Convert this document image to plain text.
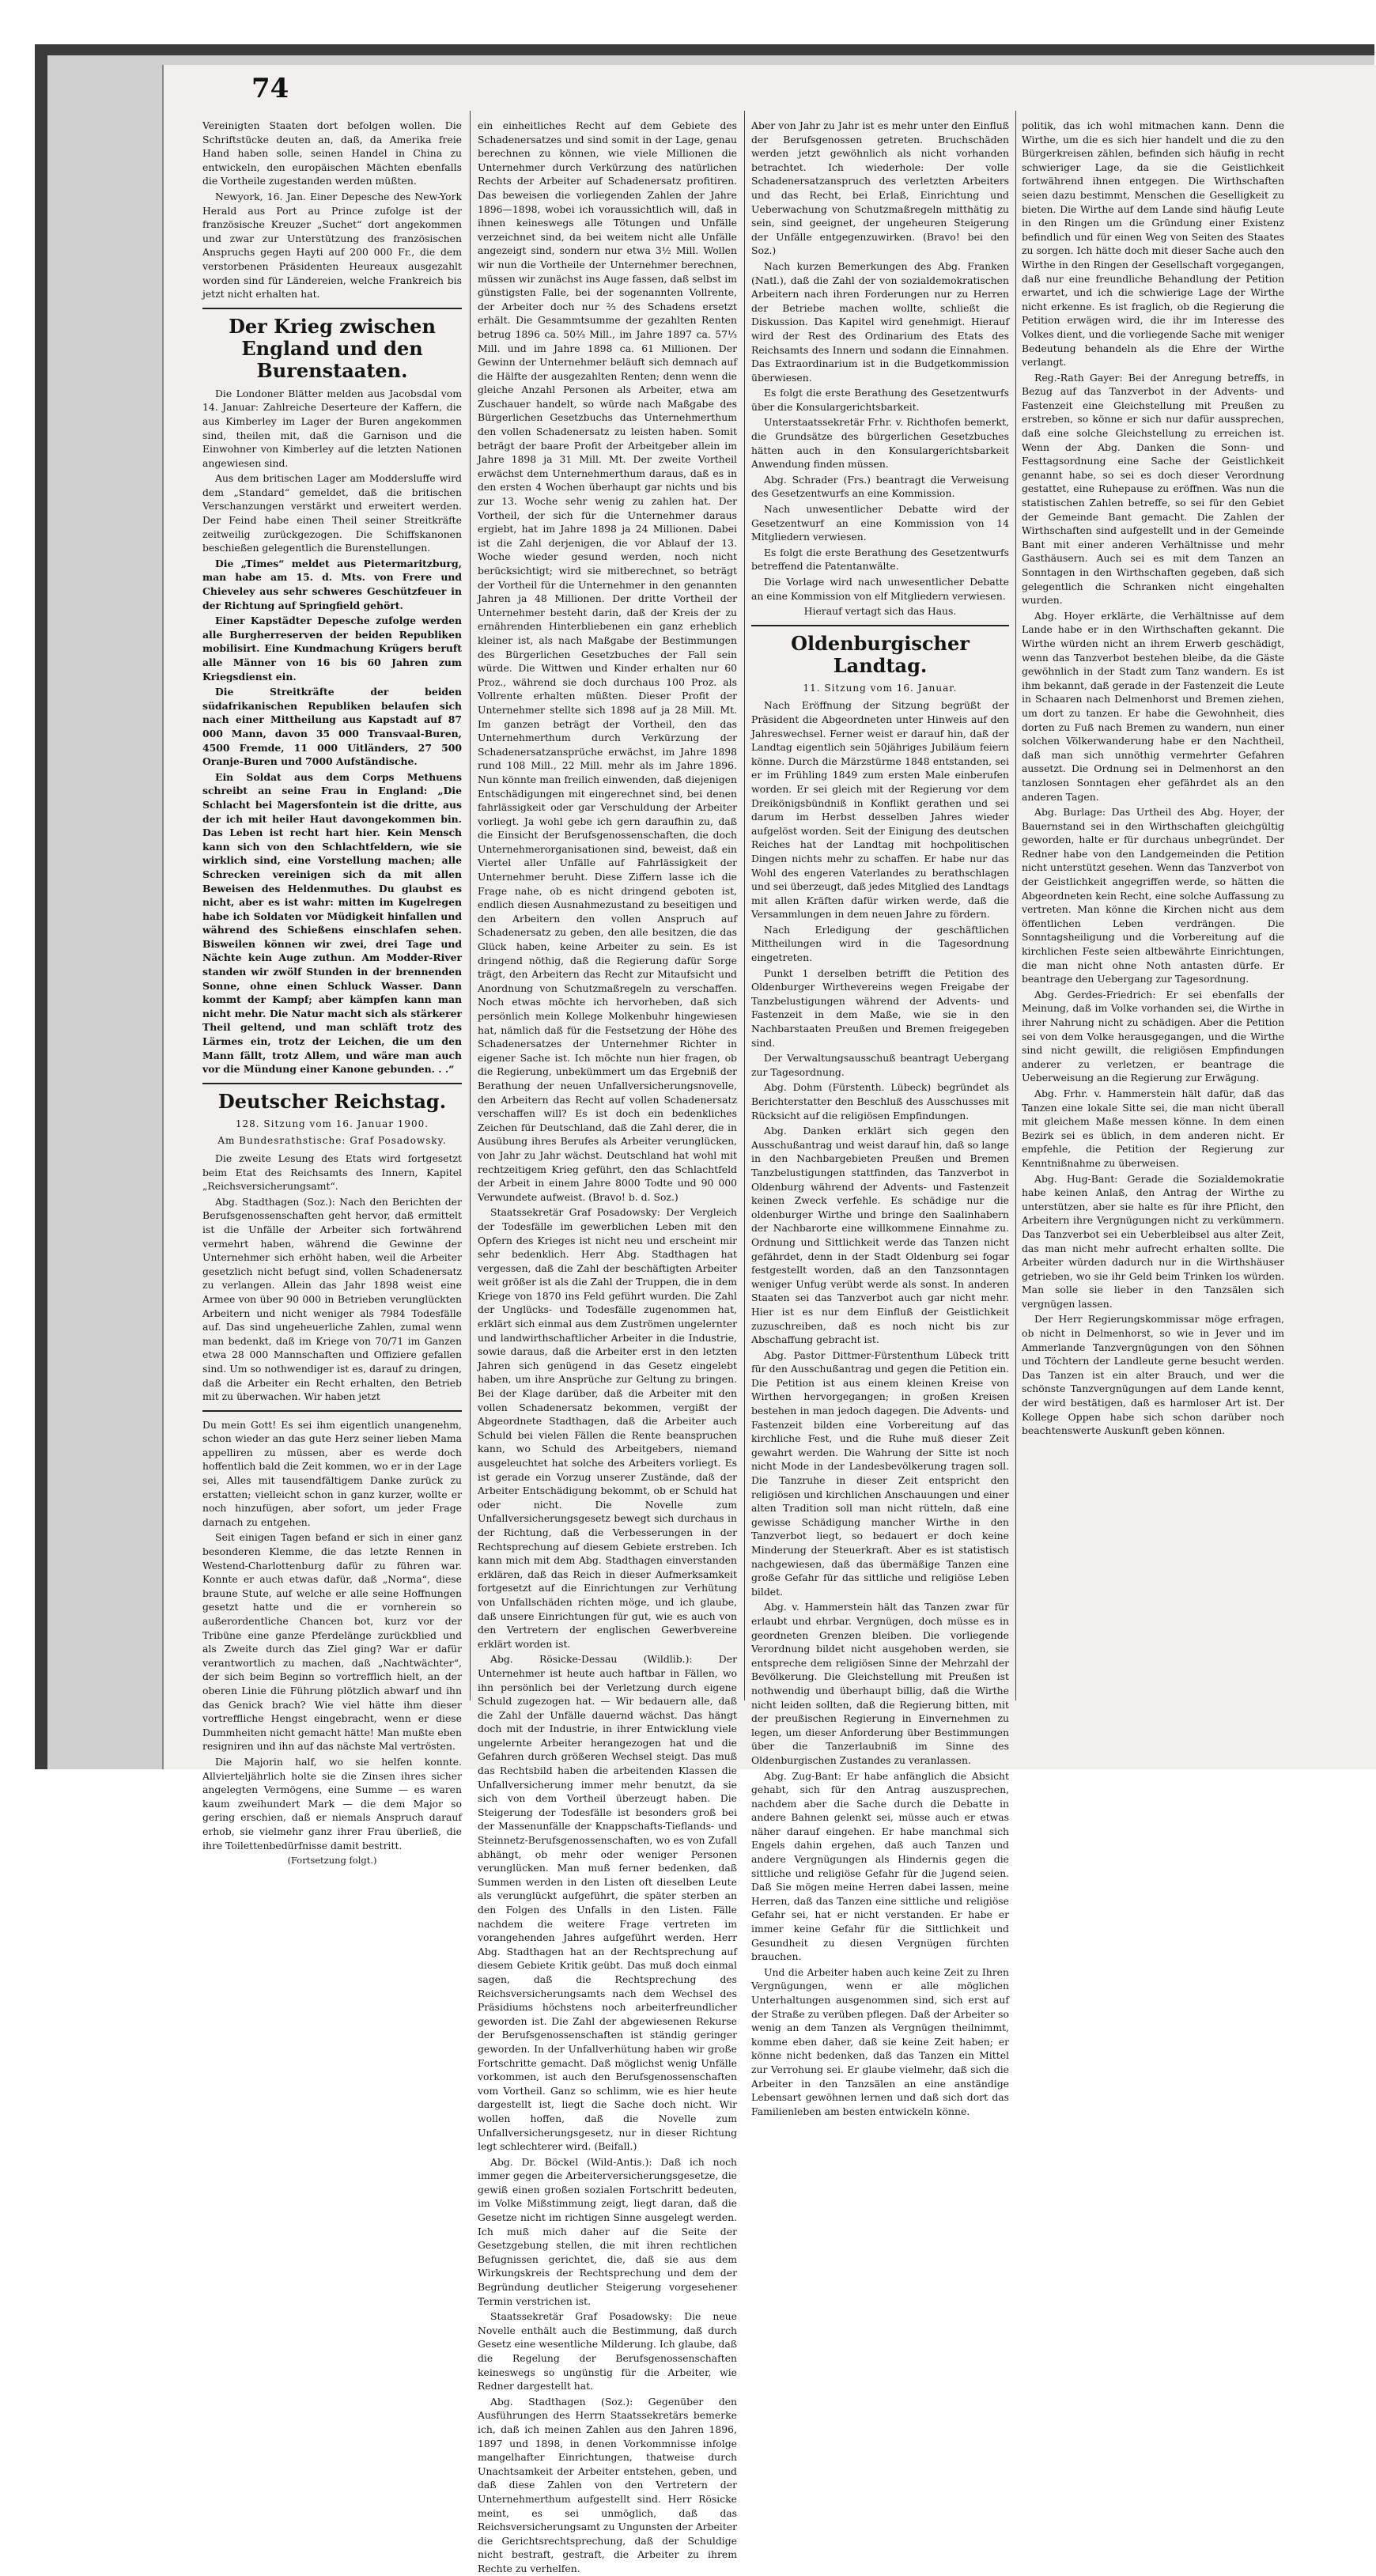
74

Vereinigten Staaten dort befolgen wollen. Die Schriftstücke deuten an, daß, da Amerika freie Hand haben solle, seinen Handel in China zu entwickeln, den europäischen Mächten ebenfalls die Vortheile zugestanden werden müßten.

Newyork, 16. Jan. Einer Depesche des New-York Herald aus Port au Prince zufolge ist der französische Kreuzer „Suchet“ dort angekommen und zwar zur Unterstützung des französischen Anspruchs gegen Hayti auf 200 000 Fr., die dem verstorbenen Präsidenten Heureaux ausgezahlt worden sind für Ländereien, welche Frankreich bis jetzt nicht erhalten hat.

Der Krieg zwischen England und den Burenstaaten.

Die Londoner Blätter melden aus Jacobsdal vom 14. Januar: Zahlreiche Deserteure der Kaffern, die aus Kimberley im Lager der Buren angekommen sind, theilen mit, daß die Garnison und die Einwohner von Kimberley auf die letzten Nationen angewiesen sind.

Aus dem britischen Lager am Moddersluffe wird dem „Standard“ gemeldet, daß die britischen Verschanzungen verstärkt und erweitert werden. Der Feind habe einen Theil seiner Streitkräfte zeitweilig zurückgezogen. Die Schiffskanonen beschießen gelegentlich die Burenstellungen.

Die „Times“ meldet aus Pietermaritzburg, man habe am 15. d. Mts. von Frere und Chieveley aus sehr schweres Geschützfeuer in der Richtung auf Springfield gehört.

Einer Kapstädter Depesche zufolge werden alle Burgherreserven der beiden Republiken mobilisirt. Eine Kundmachung Krügers beruft alle Männer von 16 bis 60 Jahren zum Kriegsdienst ein.

Die Streitkräfte der beiden südafrikanischen Republiken belaufen sich nach einer Mittheilung aus Kapstadt auf 87 000 Mann, davon 35 000 Transvaal-Buren, 4500 Fremde, 11 000 Uitländers, 27 500 Oranje-Buren und 7000 Aufständische.

Ein Soldat aus dem Corps Methuens schreibt an seine Frau in England: „Die Schlacht bei Magersfontein ist die dritte, aus der ich mit heiler Haut davongekommen bin. Das Leben ist recht hart hier. Kein Mensch kann sich von den Schlachtfeldern, wie sie wirklich sind, eine Vorstellung machen; alle Schrecken vereinigen sich da mit allen Beweisen des Heldenmuthes. Du glaubst es nicht, aber es ist wahr: mitten im Kugelregen habe ich Soldaten vor Müdigkeit hinfallen und während des Schießens einschlafen sehen. Bisweilen können wir zwei, drei Tage und Nächte kein Auge zuthun. Am Modder-River standen wir zwölf Stunden in der brennenden Sonne, ohne einen Schluck Wasser. Dann kommt der Kampf; aber kämpfen kann man nicht mehr. Die Natur macht sich als stärkerer Theil geltend, und man schläft trotz des Lärmes ein, trotz der Leichen, die um den Mann fällt, trotz Allem, und wäre man auch vor die Mündung einer Kanone gebunden. . .“

Deutscher Reichstag.
128. Sitzung vom 16. Januar 1900.
Am Bundesrathstische: Graf Posadowsky.

Die zweite Lesung des Etats wird fortgesetzt beim Etat des Reichsamts des Innern, Kapitel „Reichsversicherungsamt“.

Abg. Stadthagen (Soz.): Nach den Berichten der Berufsgenossenschaften geht hervor, daß ermittelt ist die Unfälle der Arbeiter sich fortwährend vermehrt haben, während die Gewinne der Unternehmer sich erhöht haben, weil die Arbeiter gesetzlich nicht befugt sind, vollen Schadenersatz zu verlangen. Allein das Jahr 1898 weist eine Armee von über 90 000 in Betrieben verunglückten Arbeitern und nicht weniger als 7984 Todesfälle auf. Das sind ungeheuerliche Zahlen, zumal wenn man bedenkt, daß im Kriege von 70/71 im Ganzen etwa 28 000 Mannschaften und Offiziere gefallen sind. Um so nothwendiger ist es, darauf zu dringen, daß die Arbeiter ein Recht erhalten, den Betrieb mit zu überwachen. Wir haben jetzt

Du mein Gott! Es sei ihm eigentlich unangenehm, schon wieder an das gute Herz seiner lieben Mama appelliren zu müssen, aber es werde doch hoffentlich bald die Zeit kommen, wo er in der Lage sei, Alles mit tausendfältigem Danke zurück zu erstatten; vielleicht schon in ganz kurzer, wollte er noch hinzufügen, aber sofort, um jeder Frage darnach zu entgehen.

Seit einigen Tagen befand er sich in einer ganz besonderen Klemme, die das letzte Rennen in Westend-Charlottenburg dafür zu führen war. Konnte er auch etwas dafür, daß „Norma“, diese braune Stute, auf welche er alle seine Hoffnungen gesetzt hatte und die er vornherein so außerordentliche Chancen bot, kurz vor der Tribüne eine ganze Pferdelänge zurückblied und als Zweite durch das Ziel ging? War er dafür verantwortlich zu machen, daß „Nachtwächter“, der sich beim Beginn so vortrefflich hielt, an der oberen Linie die Führung plötzlich abwarf und ihn das Genick brach? Wie viel hätte ihm dieser vortreffliche Hengst eingebracht, wenn er diese Dummheiten nicht gemacht hätte! Man mußte eben resigniren und ihn auf das nächste Mal vertrösten.

Die Majorin half, wo sie helfen konnte. Allvierteljährlich holte sie die Zinsen ihres sicher angelegten Vermögens, eine Summe — es waren kaum zweihundert Mark — die dem Major so gering erschien, daß er niemals Anspruch darauf erhob, sie vielmehr ganz ihrer Frau überließ, die ihre Toilettenbedürfnisse damit bestritt.

(Fortsetzung folgt.)

ein einheitliches Recht auf dem Gebiete des Schadenersatzes und sind somit in der Lage, genau berechnen zu können, wie viele Millionen die Unternehmer durch Verkürzung des natürlichen Rechts der Arbeiter auf Schadenersatz profitiren. Das beweisen die vorliegenden Zahlen der Jahre 1896—1898, wobei ich voraussichtlich will, daß in ihnen keineswegs alle Tötungen und Unfälle verzeichnet sind, da bei weitem nicht alle Unfälle angezeigt sind, sondern nur etwa 3½ Mill. Wollen wir nun die Vortheile der Unternehmer berechnen, müssen wir zunächst ins Auge fassen, daß selbst im günstigsten Falle, bei der sogenannten Vollrente, der Arbeiter doch nur ⅔ des Schadens ersetzt erhält. Die Gesammtsumme der gezahlten Renten betrug 1896 ca. 50⅔ Mill., im Jahre 1897 ca. 57⅓ Mill. und im Jahre 1898 ca. 61 Millionen. Der Gewinn der Unternehmer beläuft sich demnach auf die Hälfte der ausgezahlten Renten; denn wenn die gleiche Anzahl Personen als Arbeiter, etwa am Zuschauer handelt, so würde nach Maßgabe des Bürgerlichen Gesetzbuchs das Unternehmerthum den vollen Schadenersatz zu leisten haben. Somit beträgt der baare Profit der Arbeitgeber allein im Jahre 1898 ja 31 Mill. Mt. Der zweite Vortheil erwächst dem Unternehmerthum daraus, daß es in den ersten 4 Wochen überhaupt gar nichts und bis zur 13. Woche sehr wenig zu zahlen hat. Der Vortheil, der sich für die Unternehmer daraus ergiebt, hat im Jahre 1898 ja 24 Millionen. Dabei ist die Zahl derjenigen, die vor Ablauf der 13. Woche wieder gesund werden, noch nicht berücksichtigt; wird sie mitberechnet, so beträgt der Vortheil für die Unternehmer in den genannten Jahren ja 48 Millionen. Der dritte Vortheil der Unternehmer besteht darin, daß der Kreis der zu ernährenden Hinterbliebenen ein ganz erheblich kleiner ist, als nach Maßgabe der Bestimmungen des Bürgerlichen Gesetzbuches der Fall sein würde. Die Wittwen und Kinder erhalten nur 60 Proz., während sie doch durchaus 100 Proz. als Vollrente erhalten müßten. Dieser Profit der Unternehmer stellte sich 1898 auf ja 28 Mill. Mt. Im ganzen beträgt der Vortheil, den das Unternehmerthum durch Verkürzung der Schadenersatzansprüche erwächst, im Jahre 1898 rund 108 Mill., 22 Mill. mehr als im Jahre 1896. Nun könnte man freilich einwenden, daß diejenigen Entschädigungen mit eingerechnet sind, bei denen fahrlässigkeit oder gar Verschuldung der Arbeiter vorliegt. Ja wohl gebe ich gern daraufhin zu, daß die Einsicht der Berufsgenossenschaften, die doch Unternehmerorganisationen sind, beweist, daß ein Viertel aller Unfälle auf Fahrlässigkeit der Unternehmer beruht. Diese Ziffern lasse ich die Frage nahe, ob es nicht dringend geboten ist, endlich diesen Ausnahmezustand zu beseitigen und den Arbeitern den vollen Anspruch auf Schadenersatz zu geben, den alle besitzen, die das Glück haben, keine Arbeiter zu sein. Es ist dringend nöthig, daß die Regierung dafür Sorge trägt, den Arbeitern das Recht zur Mitaufsicht und Anordnung von Schutzmaßregeln zu verschaffen. Noch etwas möchte ich hervorheben, daß sich persönlich mein Kollege Molkenbuhr hingewiesen hat, nämlich daß für die Festsetzung der Höhe des Schadenersatzes der Unternehmer Richter in eigener Sache ist. Ich möchte nun hier fragen, ob die Regierung, unbekümmert um das Ergebniß der Berathung der neuen Unfallversicherungsnovelle, den Arbeitern das Recht auf vollen Schadenersatz verschaffen will? Es ist doch ein bedenkliches Zeichen für Deutschland, daß die Zahl derer, die in Ausübung ihres Berufes als Arbeiter verunglücken, von Jahr zu Jahr wächst. Deutschland hat wohl mit rechtzeitigem Krieg geführt, den das Schlachtfeld der Arbeit in einem Jahre 8000 Todte und 90 000 Verwundete aufweist. (Bravo! b. d. Soz.)

Staatssekretär Graf Posadowsky: Der Vergleich der Todesfälle im gewerblichen Leben mit den Opfern des Krieges ist nicht neu und erscheint mir sehr bedenklich. Herr Abg. Stadthagen hat vergessen, daß die Zahl der beschäftigten Arbeiter weit größer ist als die Zahl der Truppen, die in dem Kriege von 1870 ins Feld geführt wurden. Die Zahl der Unglücks- und Todesfälle zugenommen hat, erklärt sich einmal aus dem Zuströmen ungelernter und landwirthschaftlicher Arbeiter in die Industrie, sowie daraus, daß die Arbeiter erst in den letzten Jahren sich genügend in das Gesetz eingelebt haben, um ihre Ansprüche zur Geltung zu bringen. Bei der Klage darüber, daß die Arbeiter mit den vollen Schadenersatz bekommen, vergißt der Abgeordnete Stadthagen, daß die Arbeiter auch Schuld bei vielen Fällen die Rente beanspruchen kann, wo Schuld des Arbeitgebers, niemand ausgeleuchtet hat solche des Arbeiters vorliegt. Es ist gerade ein Vorzug unserer Zustände, daß der Arbeiter Entschädigung bekommt, ob er Schuld hat oder nicht. Die Novelle zum Unfallversicherungsgesetz bewegt sich durchaus in der Richtung, daß die Verbesserungen in der Rechtsprechung auf diesem Gebiete erstreben. Ich kann mich mit dem Abg. Stadthagen einverstanden erklären, daß das Reich in dieser Aufmerksamkeit fortgesetzt auf die Einrichtungen zur Verhütung von Unfallschäden richten möge, und ich glaube, daß unsere Einrichtungen für gut, wie es auch von den Vertretern der englischen Gewerbvereine erklärt worden ist.

Abg. Rösicke-Dessau (Wildlib.): Der Unternehmer ist heute auch haftbar in Fällen, wo ihn persönlich bei der Verletzung durch eigene Schuld zugezogen hat. — Wir bedauern alle, daß die Zahl der Unfälle dauernd wächst. Das hängt doch mit der Industrie, in ihrer Entwicklung viele ungelernte Arbeiter herangezogen hat und die Gefahren durch größeren Wechsel steigt. Das muß das Rechtsbild haben die arbeitenden Klassen die Unfallversicherung immer mehr benutzt, da sie sich von dem Vortheil überzeugt haben. Die Steigerung der Todesfälle ist besonders groß bei der Massenunfälle der Knappschafts-Tieflands- und Steinnetz-Berufsgenossenschaften, wo es von Zufall abhängt, ob mehr oder weniger Personen verunglücken. Man muß ferner bedenken, daß Summen werden in den Listen oft dieselben Leute als verunglückt aufgeführt, die später sterben an den Folgen des Unfalls in den Listen. Fälle nachdem die weitere Frage vertreten im vorangehenden Jahres aufgeführt werden. Herr Abg. Stadthagen hat an der Rechtsprechung auf diesem Gebiete Kritik geübt. Das muß doch einmal sagen, daß die Rechtsprechung des Reichsversicherungsamts nach dem Wechsel des Präsidiums höchstens noch arbeiterfreundlicher geworden ist. Die Zahl der abgewiesenen Rekurse der Berufsgenossenschaften ist ständig geringer geworden. In der Unfallverhütung haben wir große Fortschritte gemacht. Daß möglichst wenig Unfälle vorkommen, ist auch den Berufsgenossenschaften vom Vortheil. Ganz so schlimm, wie es hier heute dargestellt ist, liegt die Sache doch nicht. Wir wollen hoffen, daß die Novelle zum Unfallversicherungsgesetz, nur in dieser Richtung legt schlechterer wird. (Beifall.)

Abg. Dr. Böckel (Wild-Antis.): Daß ich noch immer gegen die Arbeiterversicherungsgesetze, die gewiß einen großen sozialen Fortschritt bedeuten, im Volke Mißstimmung zeigt, liegt daran, daß die Gesetze nicht im richtigen Sinne ausgelegt werden. Ich muß mich daher auf die Seite der Gesetzgebung stellen, die mit ihren rechtlichen Befugnissen gerichtet, die, daß sie aus dem Wirkungskreis der Rechtsprechung und dem der Begründung deutlicher Steigerung vorgesehener Termin verstrichen ist.

Staatssekretär Graf Posadowsky: Die neue Novelle enthält auch die Bestimmung, daß durch Gesetz eine wesentliche Milderung. Ich glaube, daß die Regelung der Berufsgenossenschaften keineswegs so ungünstig für die Arbeiter, wie Redner dargestellt hat.

Abg. Stadthagen (Soz.): Gegenüber den Ausführungen des Herrn Staatssekretärs bemerke ich, daß ich meinen Zahlen aus den Jahren 1896, 1897 und 1898, in denen Vorkommnisse infolge mangelhafter Einrichtungen, thatweise durch Unachtsamkeit der Arbeiter entstehen, geben, und daß diese Zahlen von den Vertretern der Unternehmerthum aufgestellt sind. Herr Rösicke meint, es sei unmöglich, daß das Reichsversicherungsamt zu Ungunsten der Arbeiter die Gerichtsrechtsprechung, daß der Schuldige nicht bestraft, gestraft, die Arbeiter zu ihrem Rechte zu verhelfen.

Aber von Jahr zu Jahr ist es mehr unter den Einfluß der Berufsgenossen getreten. Bruchschäden werden jetzt gewöhnlich als nicht vorhanden betrachtet. Ich wiederhole: Der volle Schadenersatzanspruch des verletzten Arbeiters und das Recht, bei Erlaß, Einrichtung und Ueberwachung von Schutzmaßregeln mitthätig zu sein, sind geeignet, der ungeheuren Steigerung der Unfälle entgegenzuwirken. (Bravo! bei den Soz.)

Nach kurzen Bemerkungen des Abg. Franken (Natl.), daß die Zahl der von sozialdemokratischen Arbeitern nach ihren Forderungen nur zu Herren der Betriebe machen wollte, schließt die Diskussion. Das Kapitel wird genehmigt. Hierauf wird der Rest des Ordinarium des Etats des Reichsamts des Innern und sodann die Einnahmen. Das Extraordinarium ist in die Budgetkommission überwiesen.

Es folgt die erste Berathung des Gesetzentwurfs über die Konsulargerichtsbarkeit.

Unterstaatssekretär Frhr. v. Richthofen bemerkt, die Grundsätze des bürgerlichen Gesetzbuches hätten auch in den Konsulargerichtsbarkeit Anwendung finden müssen.

Abg. Schrader (Frs.) beantragt die Verweisung des Gesetzentwurfs an eine Kommission.

Nach unwesentlicher Debatte wird der Gesetzentwurf an eine Kommission von 14 Mitgliedern verwiesen.

Es folgt die erste Berathung des Gesetzentwurfs betreffend die Patentanwälte.

Die Vorlage wird nach unwesentlicher Debatte an eine Kommission von elf Mitgliedern verwiesen.

Hierauf vertagt sich das Haus.

Oldenburgischer Landtag.
11. Sitzung vom 16. Januar.

Nach Eröffnung der Sitzung begrüßt der Präsident die Abgeordneten unter Hinweis auf den Jahreswechsel. Ferner weist er darauf hin, daß der Landtag eigentlich sein 50jähriges Jubiläum feiern könne. Durch die Märzstürme 1848 entstanden, sei er im Frühling 1849 zum ersten Male einberufen worden. Er sei gleich mit der Regierung vor dem Dreikönigsbündniß in Konflikt gerathen und sei darum im Herbst desselben Jahres wieder aufgelöst worden. Seit der Einigung des deutschen Reiches hat der Landtag mit hochpolitischen Dingen nichts mehr zu schaffen. Er habe nur das Wohl des engeren Vaterlandes zu berathschlagen und sei überzeugt, daß jedes Mitglied des Landtags mit allen Kräften dafür wirken werde, daß die Versammlungen in dem neuen Jahre zu fördern.

Nach Erledigung der geschäftlichen Mittheilungen wird in die Tagesordnung eingetreten.

Punkt 1 derselben betrifft die Petition des Oldenburger Wirthevereins wegen Freigabe der Tanzbelustigungen während der Advents- und Fastenzeit in dem Maße, wie sie in den Nachbarstaaten Preußen und Bremen freigegeben sind.

Der Verwaltungsausschuß beantragt Uebergang zur Tagesordnung.

Abg. Dohm (Fürstenth. Lübeck) begründet als Berichterstatter den Beschluß des Ausschusses mit Rücksicht auf die religiösen Empfindungen.

Abg. Danken erklärt sich gegen den Ausschußantrag und weist darauf hin, daß so lange in den Nachbargebieten Preußen und Bremen Tanzbelustigungen stattfinden, das Tanzverbot in Oldenburg während der Advents- und Fastenzeit keinen Zweck verfehle. Es schädige nur die oldenburger Wirthe und bringe den Saalinhabern der Nachbarorte eine willkommene Einnahme zu. Ordnung und Sittlichkeit werde das Tanzen nicht gefährdet, denn in der Stadt Oldenburg sei fogar festgestellt worden, daß an den Tanzsonntagen weniger Unfug verübt werde als sonst. In anderen Staaten sei das Tanzverbot auch gar nicht mehr. Hier ist es nur dem Einfluß der Geistlichkeit zuzuschreiben, daß es noch nicht bis zur Abschaffung gebracht ist.

Abg. Pastor Dittmer-Fürstenthum Lübeck tritt für den Ausschußantrag und gegen die Petition ein. Die Petition ist aus einem kleinen Kreise von Wirthen hervorgegangen; in großen Kreisen bestehen in man jedoch dagegen. Die Advents- und Fastenzeit bilden eine Vorbereitung auf das kirchliche Fest, und die Ruhe muß dieser Zeit gewahrt werden. Die Wahrung der Sitte ist noch nicht Mode in der Landesbevölkerung tragen soll. Die Tanzruhe in dieser Zeit entspricht den religiösen und kirchlichen Anschauungen und einer alten Tradition soll man nicht rütteln, daß eine gewisse Schädigung mancher Wirthe in den Tanzverbot liegt, so bedauert er doch keine Minderung der Steuerkraft. Aber es ist statistisch nachgewiesen, daß das übermäßige Tanzen eine große Gefahr für das sittliche und religiöse Leben bildet.

Abg. v. Hammerstein hält das Tanzen zwar für erlaubt und ehrbar. Vergnügen, doch müsse es in geordneten Grenzen bleiben. Die vorliegende Verordnung bildet nicht ausgehoben werden, sie entspreche dem religiösen Sinne der Mehrzahl der Bevölkerung. Die Gleichstellung mit Preußen ist nothwendig und überhaupt billig, daß die Wirthe nicht leiden sollten, daß die Regierung bitten, mit der preußischen Regierung in Einvernehmen zu legen, um dieser Anforderung über Bestimmungen über die Tanzerlaubniß im Sinne des Oldenburgischen Zustandes zu veranlassen.

Abg. Zug-Bant: Er habe anfänglich die Absicht gehabt, sich für den Antrag auszusprechen, nachdem aber die Sache durch die Debatte in andere Bahnen gelenkt sei, müsse auch er etwas näher darauf eingehen. Er habe manchmal sich Engels dahin ergehen, daß auch Tanzen und andere Vergnügungen als Hindernis gegen die sittliche und religiöse Gefahr für die Jugend seien. Daß Sie mögen meine Herren dabei lassen, meine Herren, daß das Tanzen eine sittliche und religiöse Gefahr sei, hat er nicht verstanden. Er habe er immer keine Gefahr für die Sittlichkeit und Gesundheit zu diesen Vergnügen fürchten brauchen.

Und die Arbeiter haben auch keine Zeit zu Ihren Vergnügungen, wenn er alle möglichen Unterhaltungen ausgenommen sind, sich erst auf der Straße zu verüben pflegen. Daß der Arbeiter so wenig an dem Tanzen als Vergnügen theilnimmt, komme eben daher, daß sie keine Zeit haben; er könne nicht bedenken, daß das Tanzen ein Mittel zur Verrohung sei. Er glaube vielmehr, daß sich die Arbeiter in den Tanzsälen an eine anständige Lebensart gewöhnen lernen und daß sich dort das Familienleben am besten entwickeln könne.

politik, das ich wohl mitmachen kann. Denn die Wirthe, um die es sich hier handelt und die zu den Bürgerkreisen zählen, befinden sich häufig in recht schwieriger Lage, da sie die Geistlichkeit fortwährend ihnen entgegen. Die Wirthschaften seien dazu bestimmt, Menschen die Geselligkeit zu bieten. Die Wirthe auf dem Lande sind häufig Leute in den Ringen um die Gründung einer Existenz befindlich und für einen Weg von Seiten des Staates zu sorgen. Ich hätte doch mit dieser Sache auch den Wirthe in den Ringen der Gesellschaft vorgegangen, daß nur eine freundliche Behandlung der Petition erwartet, und ich die schwierige Lage der Wirthe nicht erkenne. Es ist fraglich, ob die Regierung die Petition erwägen wird, die ihr im Interesse des Volkes dient, und die vorliegende Sache mit weniger Bedeutung behandeln als die Ehre der Wirthe verlangt.

Reg.-Rath Gayer: Bei der Anregung betreffs, in Bezug auf das Tanzverbot in der Advents- und Fastenzeit eine Gleichstellung mit Preußen zu erstreben, so könne er sich nur dafür aussprechen, daß eine solche Gleichstellung zu erreichen ist. Wenn der Abg. Danken die Sonn- und Festtagsordnung eine Sache der Geistlichkeit genannt habe, so sei es doch dieser Verordnung gestattet, eine Ruhepause zu eröffnen. Was nun die statistischen Zahlen betreffe, so sei für den Gebiet der Gemeinde Bant gemacht. Die Zahlen der Wirthschaften sind aufgestellt und in der Gemeinde Bant mit einer anderen Verhältnisse und mehr Gasthäusern. Auch sei es mit dem Tanzen an Sonntagen in den Wirthschaften gegeben, daß sich gelegentlich die Schranken nicht eingehalten wurden.

Abg. Hoyer erklärte, die Verhältnisse auf dem Lande habe er in den Wirthschaften gekannt. Die Wirthe würden nicht an ihrem Erwerb geschädigt, wenn das Tanzverbot bestehen bleibe, da die Gäste gewöhnlich in der Stadt zum Tanz wandern. Es ist ihm bekannt, daß gerade in der Fastenzeit die Leute in Schaaren nach Delmenhorst und Bremen ziehen, um dort zu tanzen. Er habe die Gewohnheit, dies dorten zu Fuß nach Bremen zu wandern, nun einer solchen Völkerwanderung habe er den Nachtheil, daß man sich unnöthig vermehrter Gefahren aussetzt. Die Ordnung sei in Delmenhorst an den tanzlosen Sonntagen eher gefährdet als an den anderen Tagen.

Abg. Burlage: Das Urtheil des Abg. Hoyer, der Bauernstand sei in den Wirthschaften gleichgültig geworden, halte er für durchaus unbegründet. Der Redner habe von den Landgemeinden die Petition nicht unterstützt gesehen. Wenn das Tanzverbot von der Geistlichkeit angegriffen werde, so hätten die Abgeordneten kein Recht, eine solche Auffassung zu vertreten. Man könne die Kirchen nicht aus dem öffentlichen Leben verdrängen. Die Sonntagsheiligung und die Vorbereitung auf die kirchlichen Feste seien altbewährte Einrichtungen, die man nicht ohne Noth antasten dürfe. Er beantrage den Uebergang zur Tagesordnung.

Abg. Gerdes-Friedrich: Er sei ebenfalls der Meinung, daß im Volke vorhanden sei, die Wirthe in ihrer Nahrung nicht zu schädigen. Aber die Petition sei von dem Volke herausgegangen, und die Wirthe sind nicht gewillt, die religiösen Empfindungen anderer zu verletzen, er beantrage die Ueberweisung an die Regierung zur Erwägung.

Abg. Frhr. v. Hammerstein hält dafür, daß das Tanzen eine lokale Sitte sei, die man nicht überall mit gleichem Maße messen könne. In dem einen Bezirk sei es üblich, in dem anderen nicht. Er empfehle, die Petition der Regierung zur Kenntnißnahme zu überweisen.

Abg. Hug-Bant: Gerade die Sozialdemokratie habe keinen Anlaß, den Antrag der Wirthe zu unterstützen, aber sie halte es für ihre Pflicht, den Arbeitern ihre Vergnügungen nicht zu verkümmern. Das Tanzverbot sei ein Ueberbleibsel aus alter Zeit, das man nicht mehr aufrecht erhalten sollte. Die Arbeiter würden dadurch nur in die Wirthshäuser getrieben, wo sie ihr Geld beim Trinken los würden. Man solle sie lieber in den Tanzsälen sich vergnügen lassen.

Der Herr Regierungskommissar möge erfragen, ob nicht in Delmenhorst, so wie in Jever und im Ammerlande Tanzvergnügungen von den Söhnen und Töchtern der Landleute gerne besucht werden. Das Tanzen ist ein alter Brauch, und wer die schönste Tanzvergnügungen auf dem Lande kennt, der wird bestätigen, daß es harmloser Art ist. Der Kollege Oppen habe sich schon darüber noch beachtenswerte Auskunft geben können.
